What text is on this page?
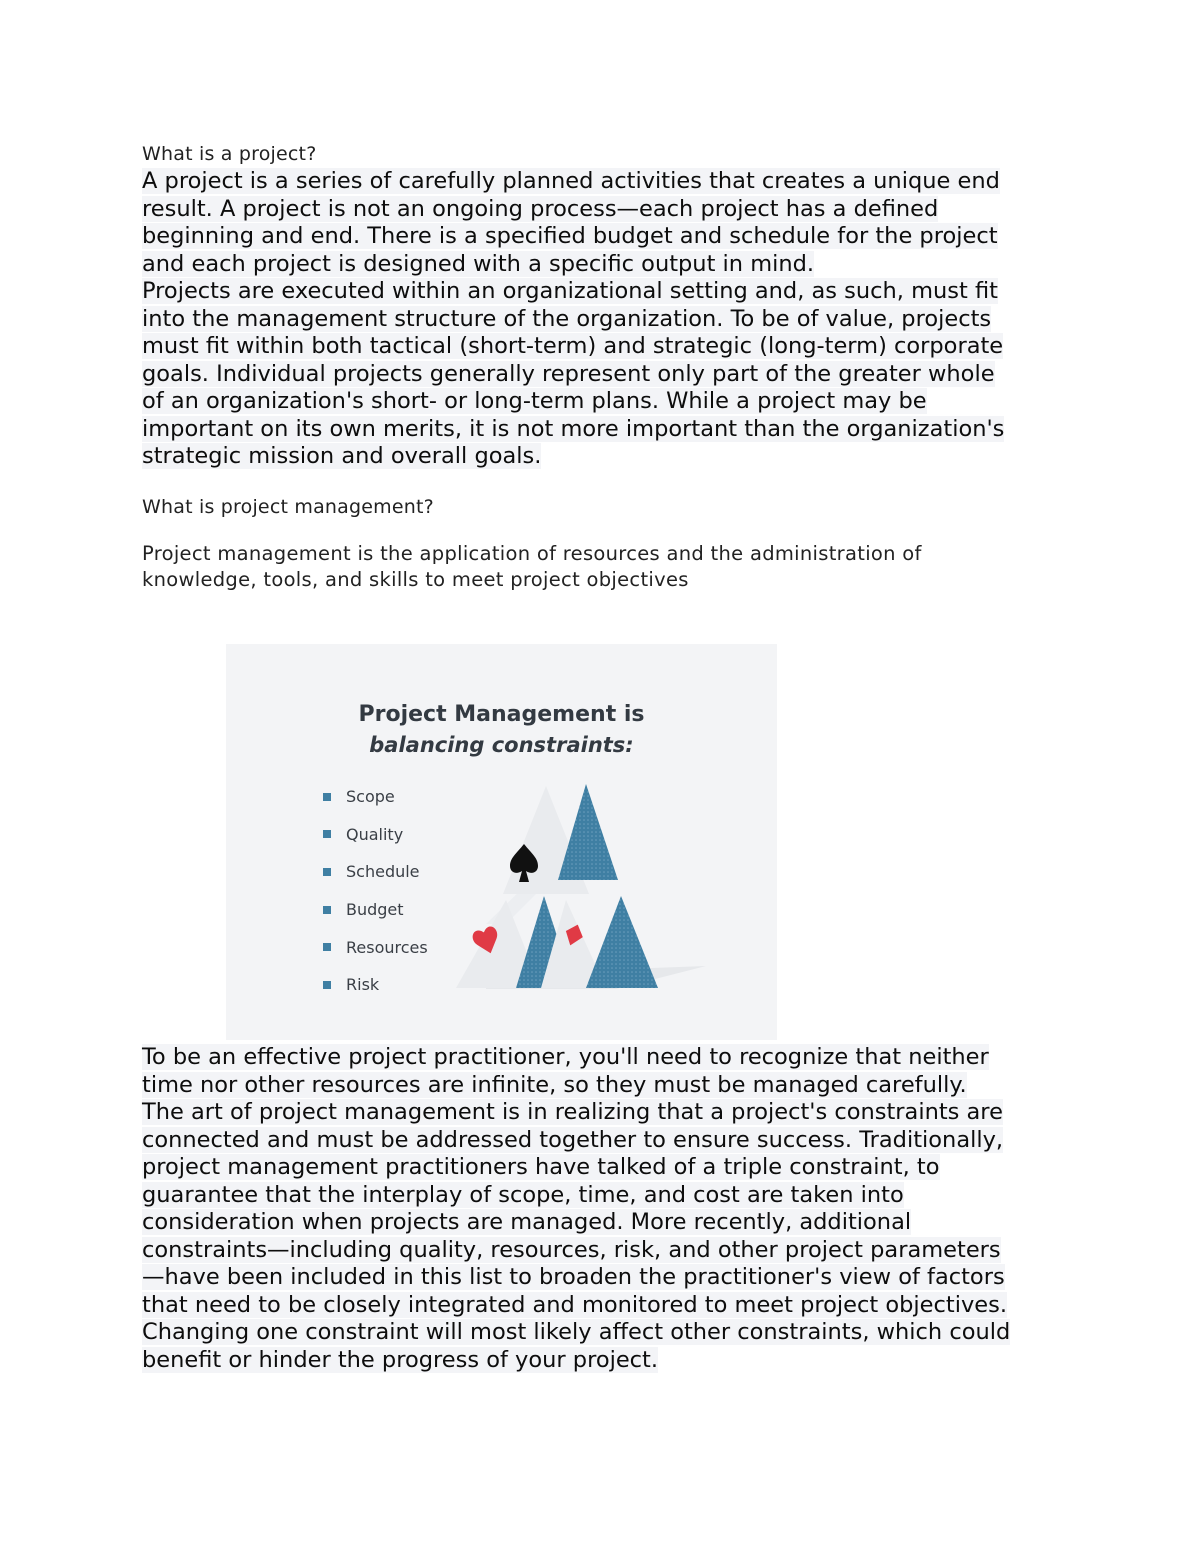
What is a project?

A project is a series of carefully planned activities that creates a unique end
result. A project is not an ongoing process—each project has a defined
beginning and end. There is a specified budget and schedule for the project
and each project is designed with a specific output in mind.
Projects are executed within an organizational setting and, as such, must fit
into the management structure of the organization. To be of value, projects
must fit within both tactical (short-term) and strategic (long-term) corporate
goals. Individual projects generally represent only part of the greater whole
of an organization's short- or long-term plans. While a project may be
important on its own merits, it is not more important than the organization's
strategic mission and overall goals.

What is project management?

Project management is the application of resources and the administration of
knowledge, tools, and skills to meet project objectives
Project Management is
balancing constraints:
Scope
Quality
Schedule
Budget
Resources
Risk
To be an effective project practitioner, you'll need to recognize that neither
time nor other resources are infinite, so they must be managed carefully.
The art of project management is in realizing that a project's constraints are
connected and must be addressed together to ensure success. Traditionally,
project management practitioners have talked of a triple constraint, to
guarantee that the interplay of scope, time, and cost are taken into
consideration when projects are managed. More recently, additional
constraints—including quality, resources, risk, and other project parameters
—have been included in this list to broaden the practitioner's view of factors
that need to be closely integrated and monitored to meet project objectives.
Changing one constraint will most likely affect other constraints, which could
benefit or hinder the progress of your project.
